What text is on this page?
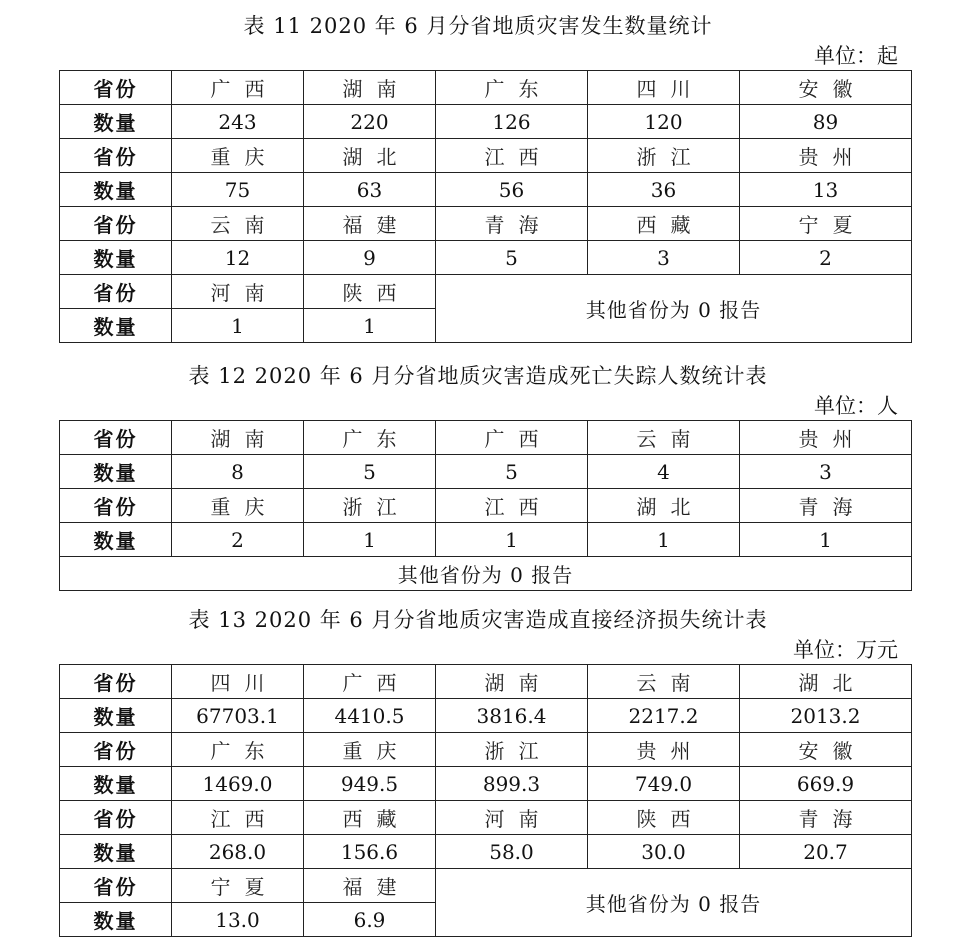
表 11 2020 年 6 月分省地质灾害发生数量统计
单位：起
省份	广西	湖南	广东	四川	安徽
数量	243	220	126	120	89
省份	重庆	湖北	江西	浙江	贵州
数量	75	63	56	36	13
省份	云南	福建	青海	西藏	宁夏
数量	12	9	5	3	2
省份	河南	陕西	其他省份为 0 报告		
数量	1	1			
表 12 2020 年 6 月分省地质灾害造成死亡失踪人数统计表
单位：人
省份	湖南	广东	广西	云南	贵州
数量	8	5	5	4	3
省份	重庆	浙江	江西	湖北	青海
数量	2	1	1	1	1
其他省份为 0 报告					
表 13 2020 年 6 月分省地质灾害造成直接经济损失统计表
单位：万元
省份	四川	广西	湖南	云南	湖北
数量	67703.1	4410.5	3816.4	2217.2	2013.2
省份	广东	重庆	浙江	贵州	安徽
数量	1469.0	949.5	899.3	749.0	669.9
省份	江西	西藏	河南	陕西	青海
数量	268.0	156.6	58.0	30.0	20.7
省份	宁夏	福建	其他省份为 0 报告		
数量	13.0	6.9			
